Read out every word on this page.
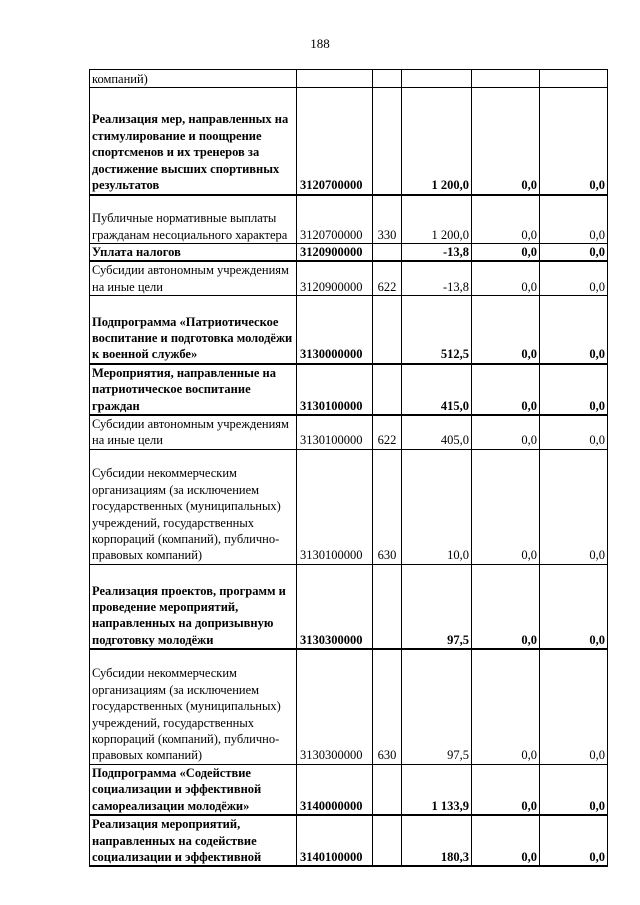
188
компаний)					
Реализация мер, направленных на стимулирование и поощрение спортсменов и их тренеров за достижение высших спортивных результатов	3120700000		1 200,0	0,0	0,0
Публичные нормативные выплаты гражданам несоциального характера	3120700000	330	1 200,0	0,0	0,0
Уплата налогов	3120900000		-13,8	0,0	0,0
Субсидии автономным учреждениям на иные цели	3120900000	622	-13,8	0,0	0,0
Подпрограмма «Патриотическое воспитание и подготовка молодёжи к военной службе»	3130000000		512,5	0,0	0,0
Мероприятия, направленные на патриотическое воспитание граждан	3130100000		415,0	0,0	0,0
Субсидии автономным учреждениям на иные цели	3130100000	622	405,0	0,0	0,0
Субсидии некоммерческим организациям (за исключением государственных (муниципальных) учреждений, государственных корпораций (компаний), публично-правовых компаний)	3130100000	630	10,0	0,0	0,0
Реализация проектов, программ и проведение мероприятий, направленных на допризывную подготовку молодёжи	3130300000		97,5	0,0	0,0
Субсидии некоммерческим организациям (за исключением государственных (муниципальных) учреждений, государственных корпораций (компаний), публично-правовых компаний)	3130300000	630	97,5	0,0	0,0
Подпрограмма «Содействие социализации и эффективной самореализации молодёжи»	3140000000		1 133,9	0,0	0,0
Реализация мероприятий, направленных на содействие социализации и эффективной	3140100000		180,3	0,0	0,0
